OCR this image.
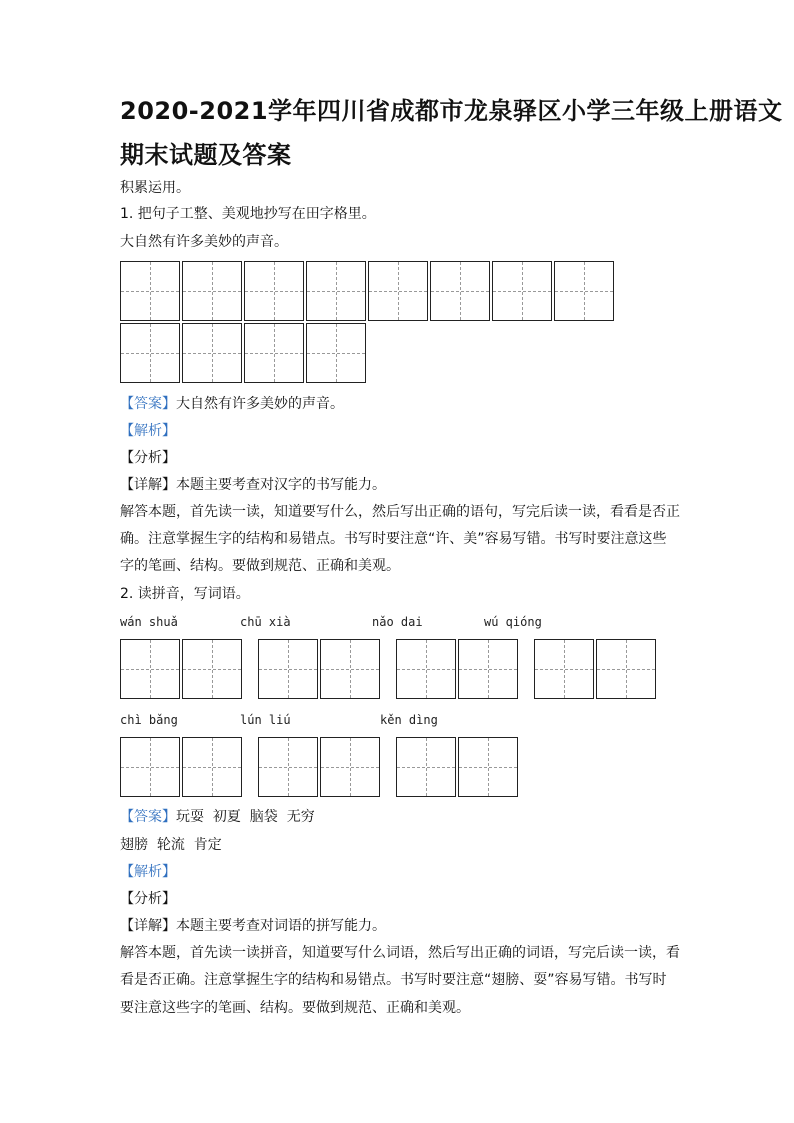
2020-2021学年四川省成都市龙泉驿区小学三年级上册语文
期末试题及答案
积累运用。
1. 把句子工整、美观地抄写在田字格里。
大自然有许多美妙的声音。
【答案】大自然有许多美妙的声音。
【解析】
【分析】
【详解】本题主要考查对汉字的书写能力。
解答本题，首先读一读，知道要写什么，然后写出正确的语句，写完后读一读，看看是否正
确。注意掌握生字的结构和易错点。书写时要注意“许、美”容易写错。书写时要注意这些
字的笔画、结构。要做到规范、正确和美观。
2. 读拼音，写词语。
wán shuǎ	chū xià	nǎo dai	wú qióng
chì bǎng	lún liú	kěn dìng
【答案】玩耍  初夏  脑袋  无穷
翅膀  轮流  肯定
【解析】
【分析】
【详解】本题主要考查对词语的拼写能力。
解答本题，首先读一读拼音，知道要写什么词语，然后写出正确的词语，写完后读一读，看
看是否正确。注意掌握生字的结构和易错点。书写时要注意“翅膀、耍”容易写错。书写时
要注意这些字的笔画、结构。要做到规范、正确和美观。
